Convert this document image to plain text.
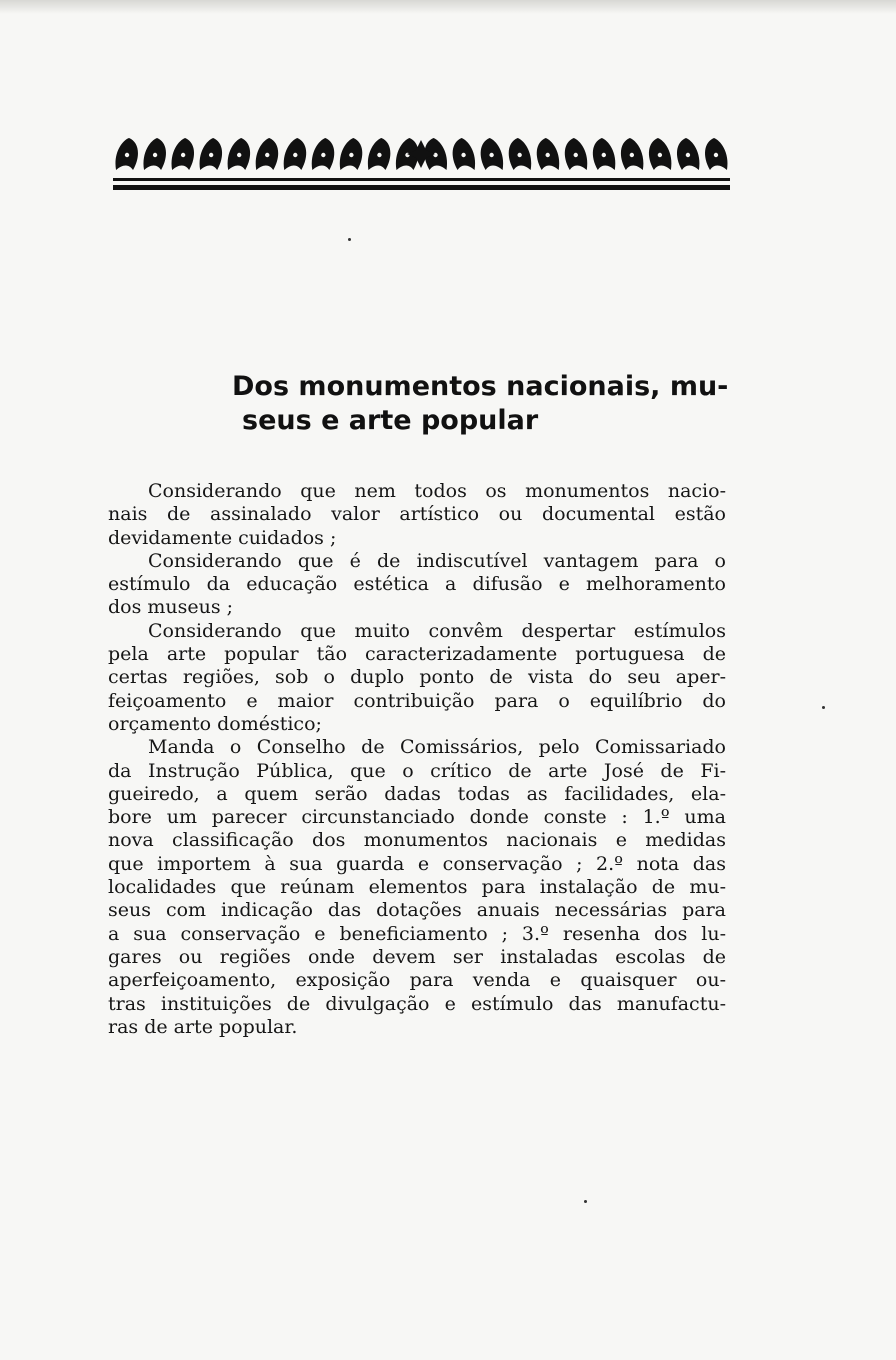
Dos monumentos nacionais, mu-
seus e arte popular
Considerando que nem todos os monumentos nacio-
nais de assinalado valor artístico ou documental estão
devidamente cuidados ;
Considerando que é de indiscutível vantagem para o
estímulo da educação estética a difusão e melhoramento
dos museus ;
Considerando que muito convêm despertar estímulos
pela arte popular tão caracterizadamente portuguesa de
certas regiões, sob o duplo ponto de vista do seu aper-
feiçoamento e maior contribuição para o equilíbrio do
orçamento doméstico;
Manda o Conselho de Comissários, pelo Comissariado
da Instrução Pública, que o crítico de arte José de Fi-
gueiredo, a quem serão dadas todas as facilidades, ela-
bore um parecer circunstanciado donde conste : 1.º uma
nova classificação dos monumentos nacionais e medidas
que importem à sua guarda e conservação ; 2.º nota das
localidades que reúnam elementos para instalação de mu-
seus com indicação das dotações anuais necessárias para
a sua conservação e beneficiamento ; 3.º resenha dos lu-
gares ou regiões onde devem ser instaladas escolas de
aperfeiçoamento, exposição para venda e quaisquer ou-
tras instituições de divulgação e estímulo das manufactu-
ras de arte popular.
